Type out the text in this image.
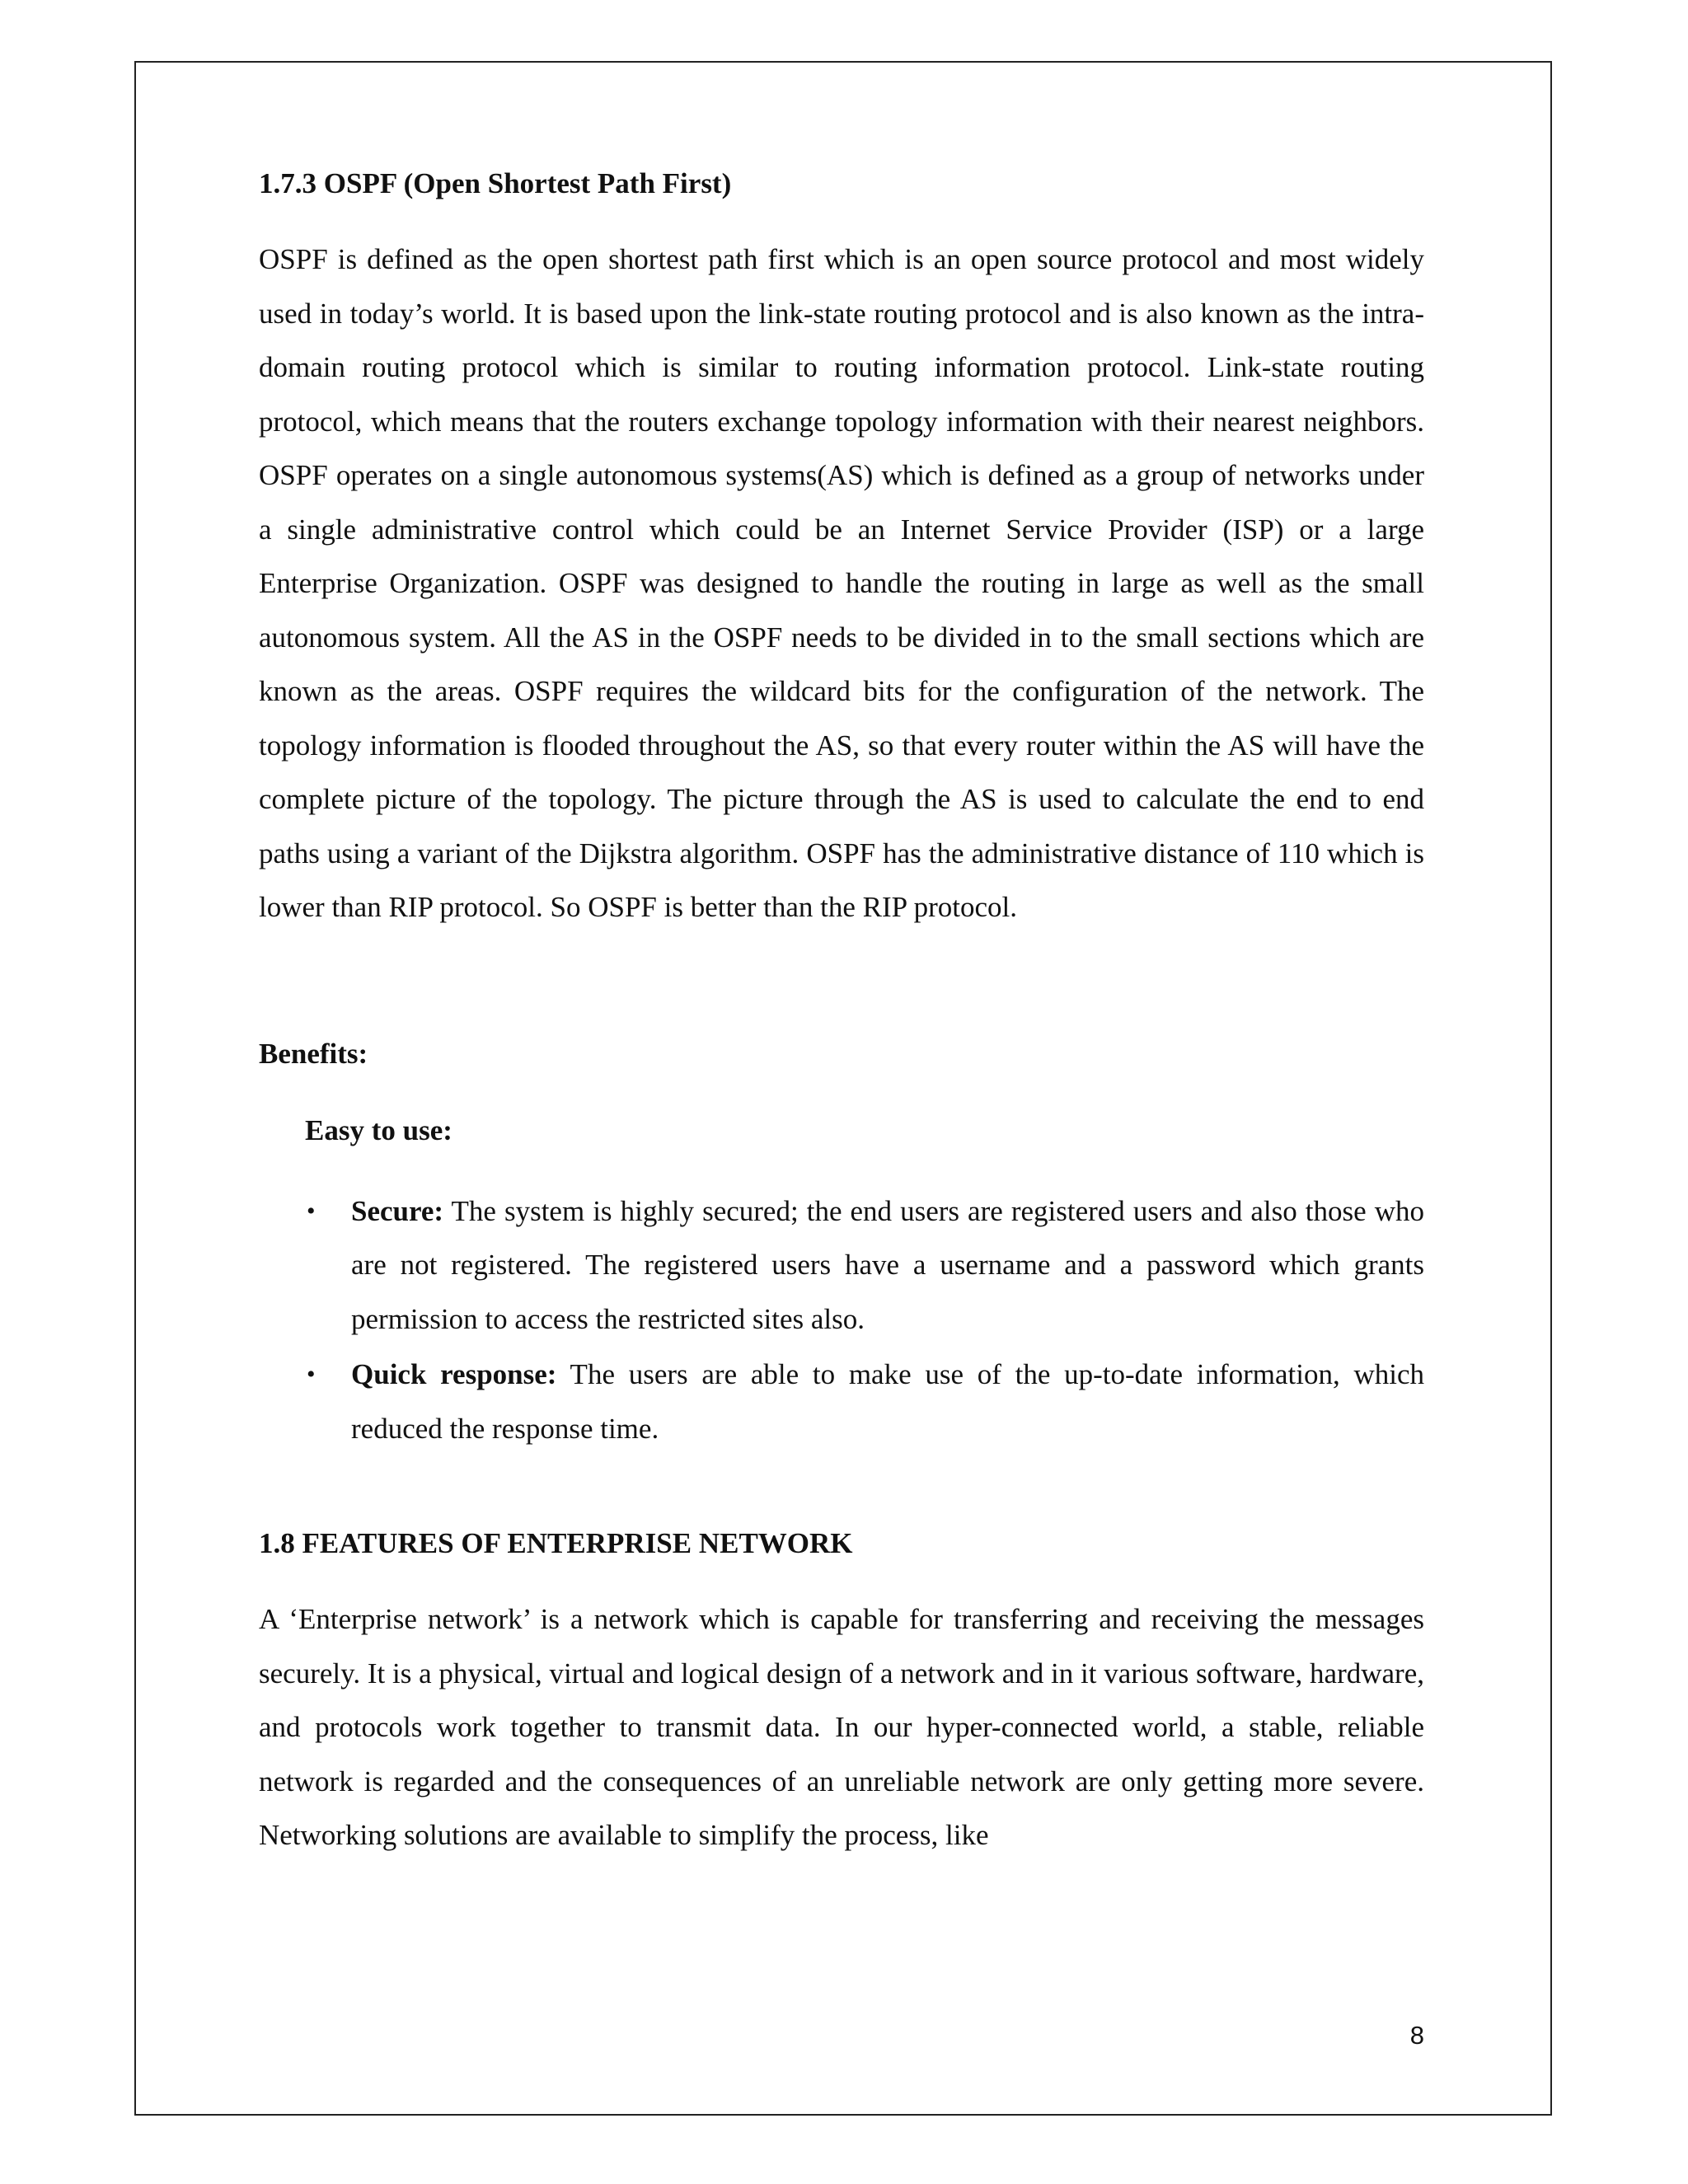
1.7.3 OSPF (Open Shortest Path First)

OSPF is defined as the open shortest path first which is an open source protocol and most widely used in today’s world. It is based upon the link-state routing protocol and is also known as the intra-domain routing protocol which is similar to routing information protocol. Link-state routing protocol, which means that the routers exchange topology information with their nearest neighbors. OSPF operates on a single autonomous systems(AS) which is defined as a group of networks under a single administrative control which could be an Internet Service Provider (ISP) or a large Enterprise Organization. OSPF was designed to handle the routing in large as well as the small autonomous system. All the AS in the OSPF needs to be divided in to the small sections which are known as the areas. OSPF requires the wildcard bits for the configuration of the network. The topology information is flooded throughout the AS, so that every router within the AS will have the complete picture of the topology. The picture through the AS is used to calculate the end to end paths using a variant of the Dijkstra algorithm. OSPF has the administrative distance of 110 which is lower than RIP protocol. So OSPF is better than the RIP protocol.

Benefits:
Easy to use:
• Secure: The system is highly secured; the end users are registered users and also those who are not registered. The registered users have a username and a password which grants permission to access the restricted sites also.
• Quick response: The users are able to make use of the up-to-date information, which reduced the response time.
1.8 FEATURES OF ENTERPRISE NETWORK

A ‘Enterprise network’ is a network which is capable for transferring and receiving the messages securely. It is a physical, virtual and logical design of a network and in it various software, hardware, and protocols work together to transmit data. In our hyper-connected world, a stable, reliable network is regarded and the consequences of an unreliable network are only getting more severe. Networking solutions are available to simplify the process, like

8
